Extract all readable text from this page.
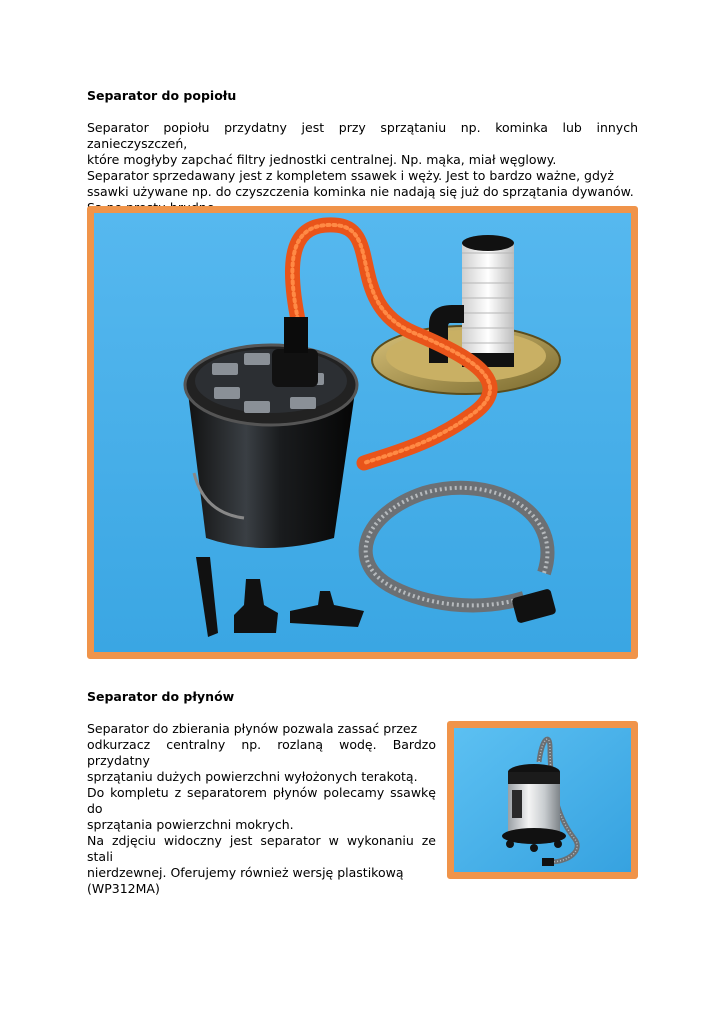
Separator do popiołu

Separator popiołu przydatny jest przy sprzątaniu np. kominka lub innych zanieczyszczeń,

które mogłyby zapchać filtry jednostki centralnej. Np. mąka, miał węglowy.

Separator sprzedawany jest z kompletem ssawek i węży. Jest to bardzo ważne, gdyż

ssawki używane np. do czyszczenia kominka nie nadają się już do sprzątania dywanów.

Separator do płynów

Separator do zbierania płynów pozwala zassać przez

odkurzacz centralny np. rozlaną wodę. Bardzo przydatny

sprzątaniu dużych powierzchni wyłożonych terakotą.

Do kompletu z separatorem płynów polecamy ssawkę do

sprzątania powierzchni mokrych.

Na zdjęciu widoczny jest separator w wykonaniu ze stali

nierdzewnej. Oferujemy również wersję plastikową

(WP312MA)
